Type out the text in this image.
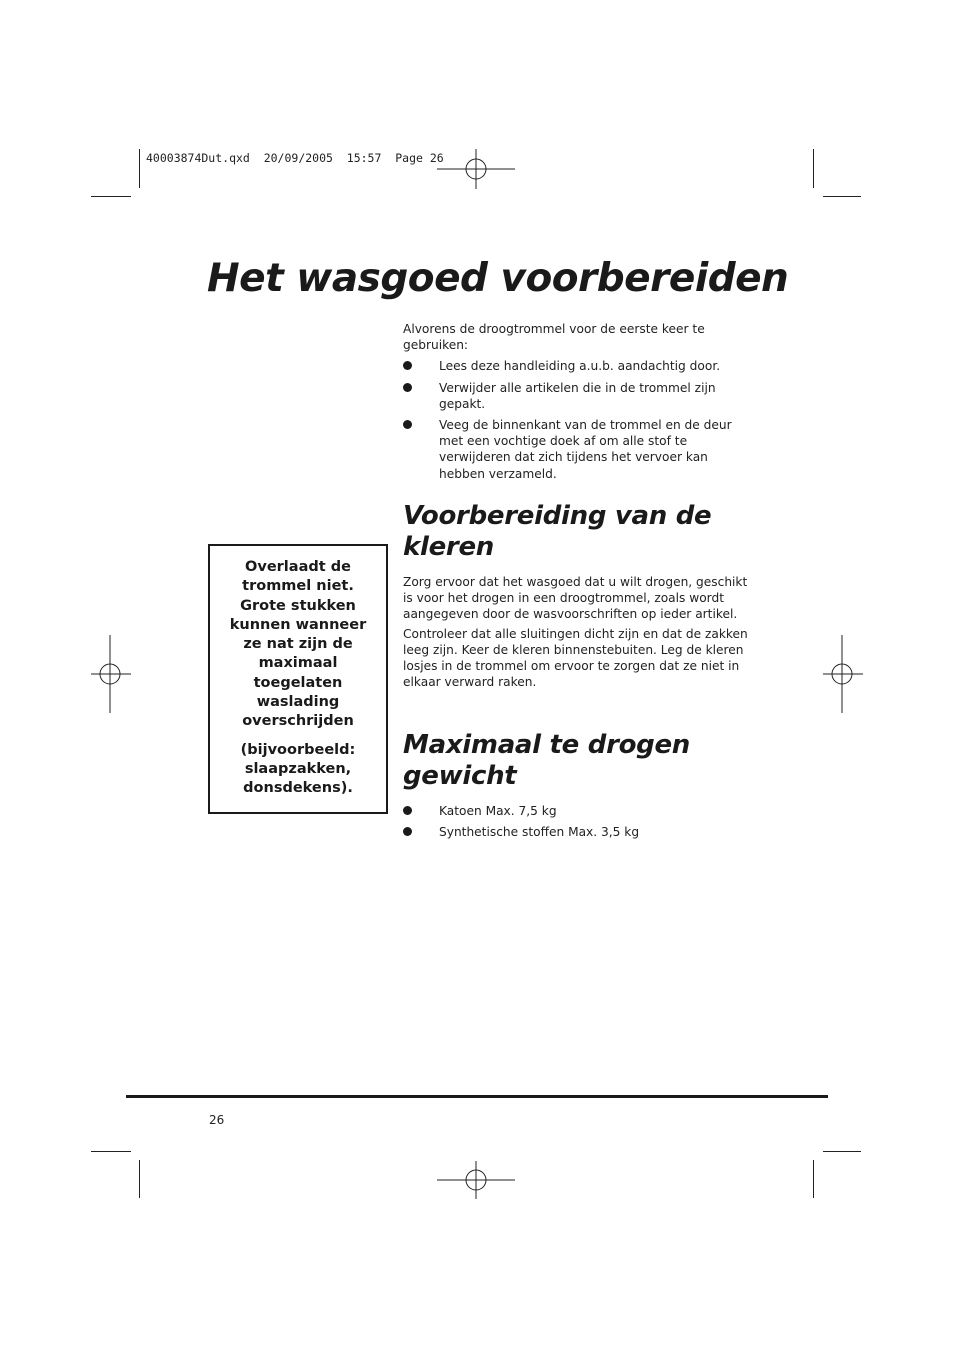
40003874Dut.qxd  20/09/2005  15:57  Page 26
Het wasgoed voorbereiden

Alvorens de droogtrommel voor de eerste keer te gebruiken:

Lees deze handleiding a.u.b. aandachtig door.
Verwijder alle artikelen die in de trommel zijn gepakt.
Veeg de binnenkant van de trommel en de deur met een vochtige doek af om alle stof te verwijderen dat zich tijdens het vervoer kan hebben verzameld.
Voorbereiding van de kleren

Zorg ervoor dat het wasgoed dat u wilt drogen, geschikt is voor het drogen in een droogtrommel, zoals wordt aangegeven door de wasvoorschriften op ieder artikel.

Controleer dat alle sluitingen dicht zijn en dat de zakken leeg zijn. Keer de kleren binnenstebuiten. Leg de kleren losjes in de trommel om ervoor te zorgen dat ze niet in elkaar verward raken.

Maximaal te drogen gewicht
Katoen Max. 7,5 kg
Synthetische stoffen Max. 3,5 kg

Overlaadt de trommel niet. Grote stukken kunnen wanneer ze nat zijn de maximaal toegelaten waslading overschrijden

(bijvoorbeeld: slaapzakken, donsdekens).

26
